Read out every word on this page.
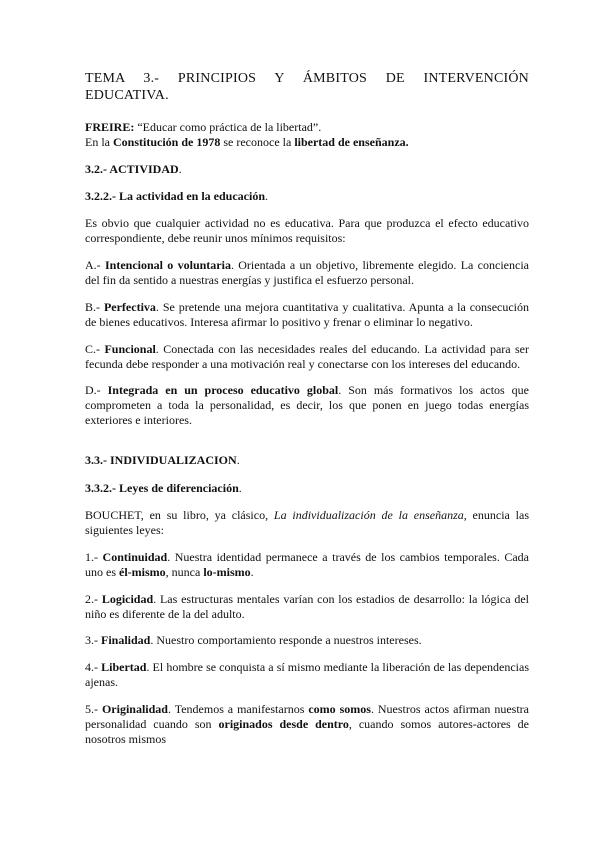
TEMA 3.- PRINCIPIOS Y ÁMBITOS DE INTERVENCIÓN
EDUCATIVA.

FREIRE: “Educar como práctica de la libertad”.

En la Constitución de 1978 se reconoce la libertad de enseñanza.

3.2.- ACTIVIDAD.

3.2.2.- La actividad en la educación.

Es obvio que cualquier actividad no es educativa. Para que produzca el efecto educativo correspondiente, debe reunir unos mínimos requisitos:

A.- Intencional o voluntaria. Orientada a un objetivo, libremente elegido. La conciencia del fin da sentido a nuestras energías y justifica el esfuerzo personal.

B.- Perfectiva. Se pretende una mejora cuantitativa y cualitativa. Apunta a la consecución de bienes educativos. Interesa afirmar lo positivo y frenar o eliminar lo negativo.

C.- Funcional. Conectada con las necesidades reales del educando. La actividad para ser fecunda debe responder a una motivación real y conectarse con los intereses del educando.

D.- Integrada en un proceso educativo global. Son más formativos los actos que comprometen a toda la personalidad, es decir, los que ponen en juego todas energías exteriores e interiores.

3.3.- INDIVIDUALIZACION.

3.3.2.- Leyes de diferenciación.

BOUCHET, en su libro, ya clásico, La individualización de la enseñanza, enuncia las siguientes leyes:

1.- Continuidad. Nuestra identidad permanece a través de los cambios temporales. Cada uno es él-mismo, nunca lo-mismo.

2.- Logicidad. Las estructuras mentales varían con los estadios de desarrollo: la lógica del niño es diferente de la del adulto.

3.- Finalidad. Nuestro comportamiento responde a nuestros intereses.

4.- Libertad. El hombre se conquista a sí mismo mediante la liberación de las dependencias ajenas.

5.- Originalidad. Tendemos a manifestarnos como somos. Nuestros actos afirman nuestra personalidad cuando son originados desde dentro, cuando somos autores-actores de nosotros mismos
